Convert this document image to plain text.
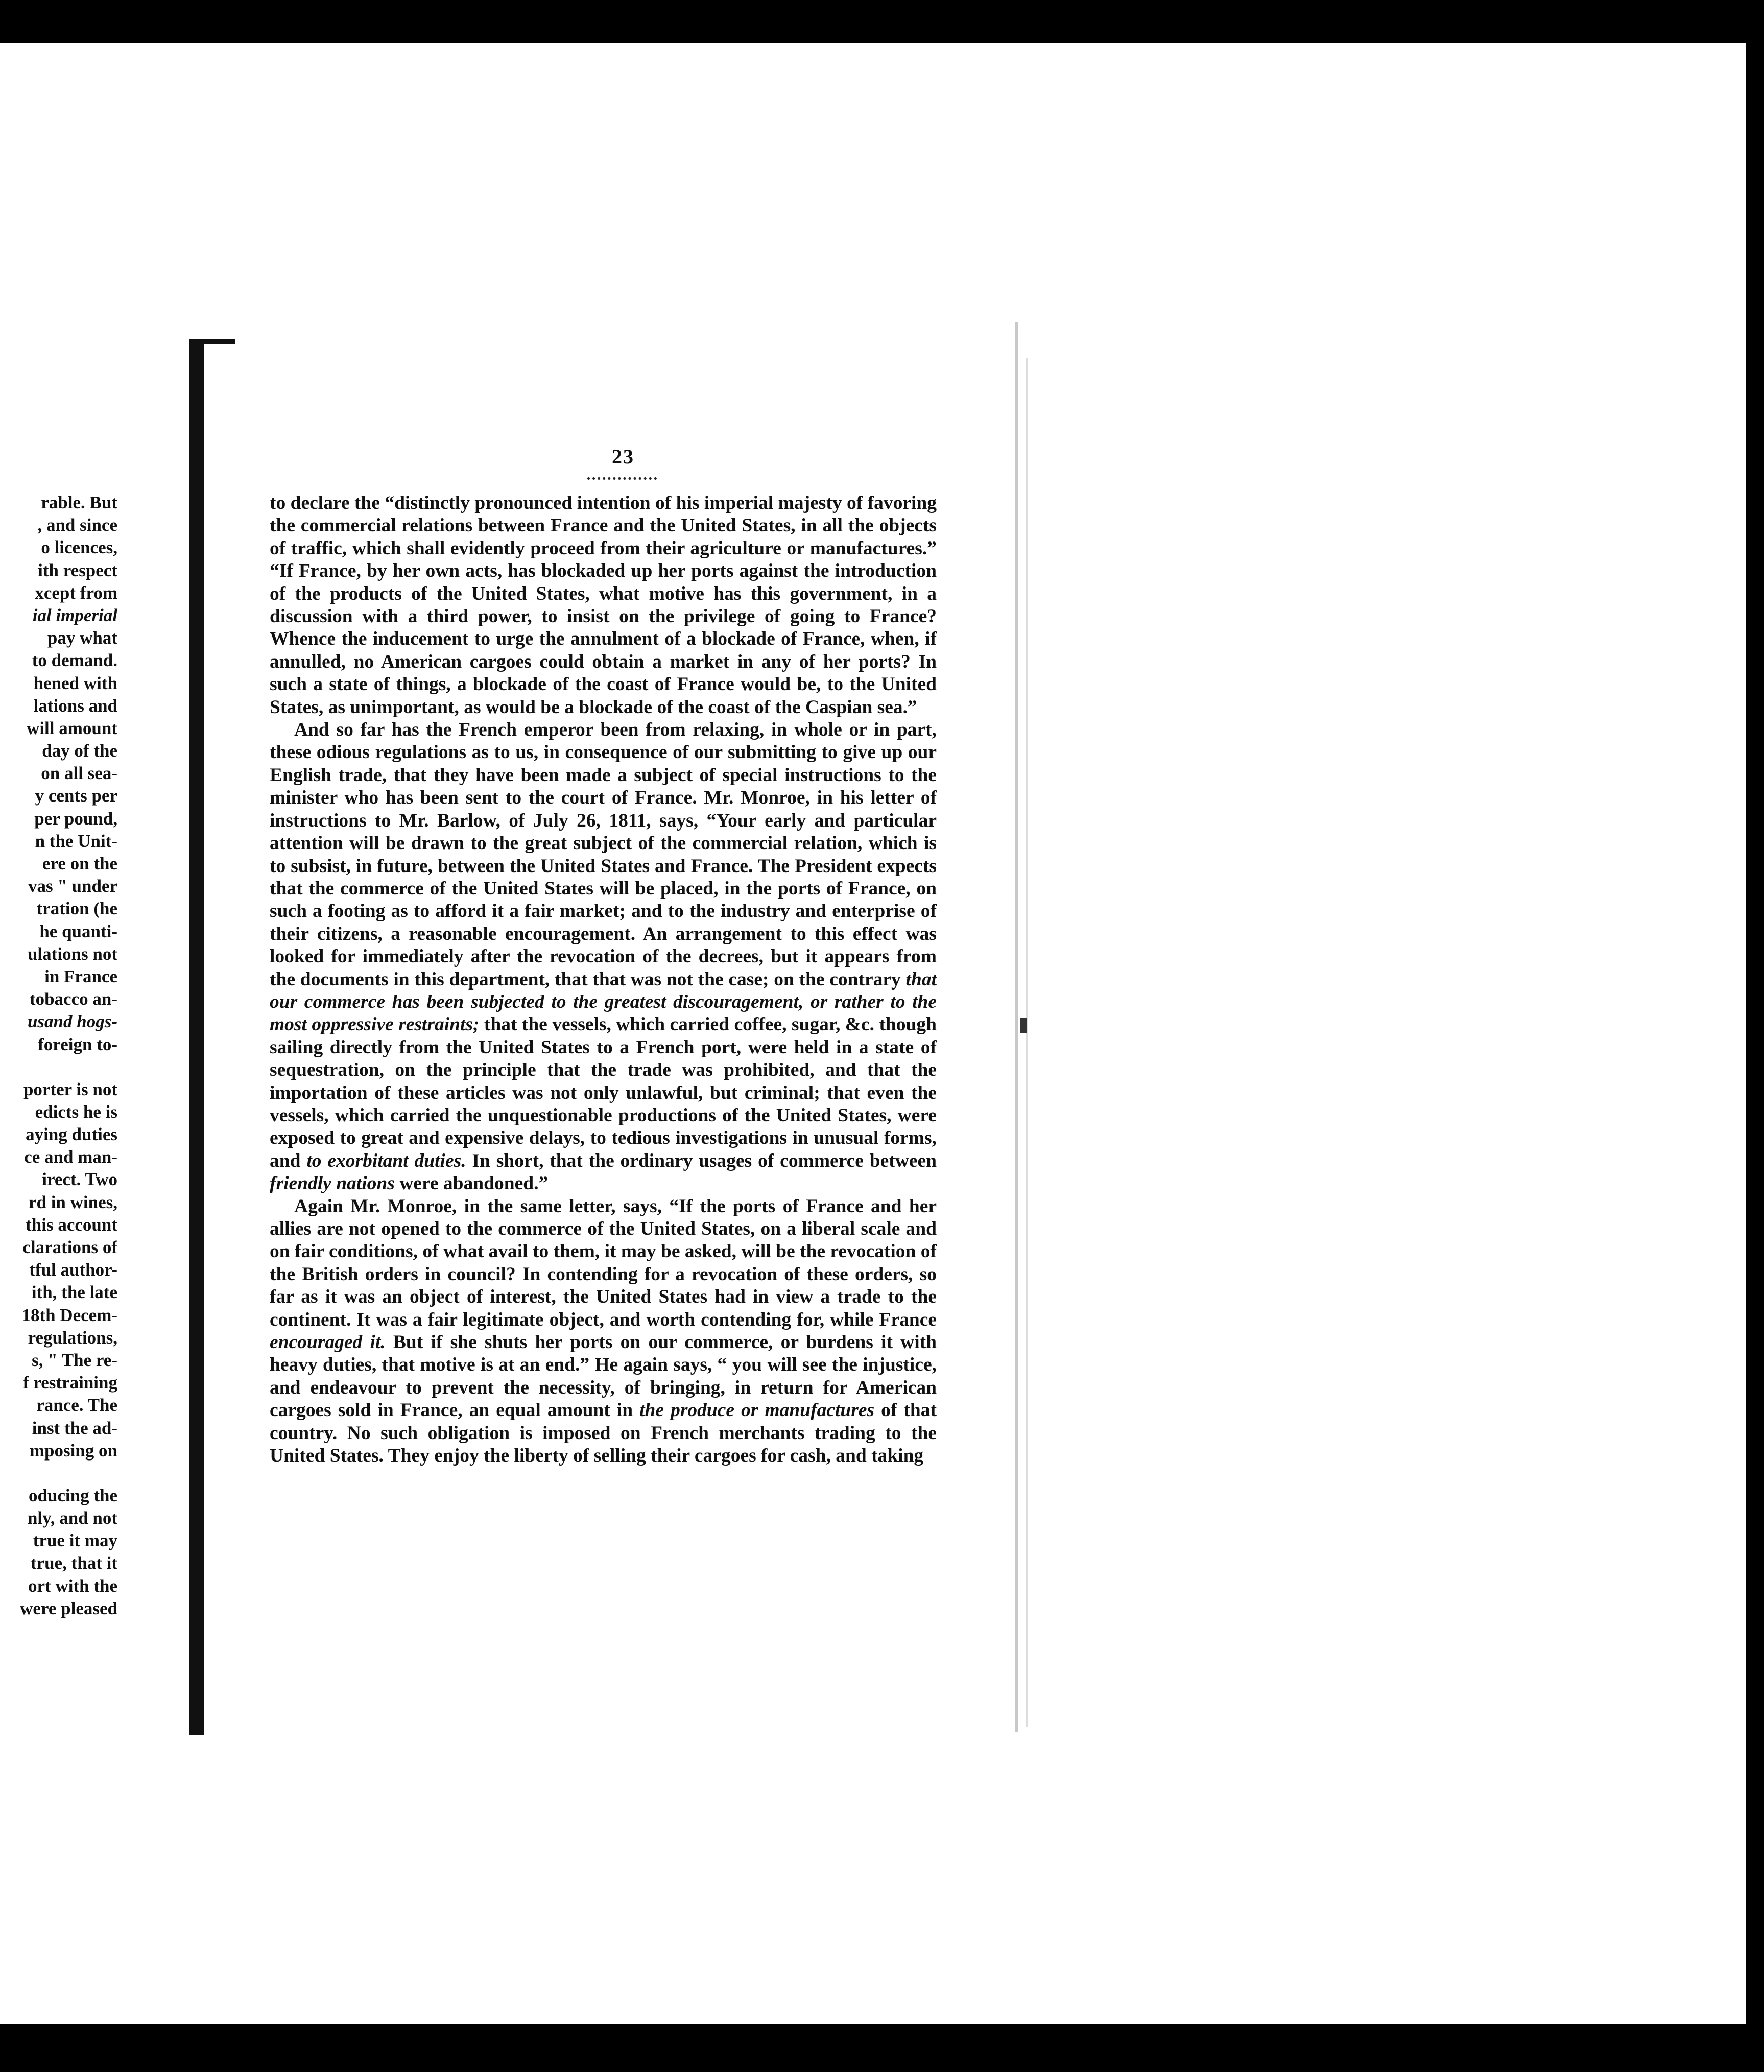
rable. But
, and since
o licences,
ith respect
xcept from
ial imperial
pay what
to demand.
hened with
lations and
will amount
day of the
on all sea-
y cents per
per pound,
n the Unit-
ere on the
vas " under
tration (he
he quanti-
ulations not
in France
tobacco an-
usand hogs-
foreign to-
porter is not
edicts he is
aying duties
ce and man-
irect. Two
rd in wines,
this account
clarations of
tful author-
ith, the late
18th Decem-
regulations,
s, " The re-
f restraining
rance. The
inst the ad-
mposing on
oducing the
nly, and not
true it may
true, that it
ort with the
were pleased
23

to declare the “distinctly pronounced intention of his imperial majesty of favoring the commercial relations between France and the United States, in all the objects of traffic, which shall evidently proceed from their agriculture or manufactures.” “If France, by her own acts, has blockaded up her ports against the introduction of the products of the United States, what motive has this government, in a discussion with a third power, to insist on the privilege of going to France? Whence the inducement to urge the annulment of a blockade of France, when, if annulled, no American cargoes could obtain a market in any of her ports? In such a state of things, a blockade of the coast of France would be, to the United States, as unimportant, as would be a blockade of the coast of the Caspian sea.”

And so far has the French emperor been from relaxing, in whole or in part, these odious regulations as to us, in consequence of our submitting to give up our English trade, that they have been made a subject of special instructions to the minister who has been sent to the court of France. Mr. Monroe, in his letter of instructions to Mr. Barlow, of July 26, 1811, says, “Your early and particular attention will be drawn to the great subject of the commercial relation, which is to subsist, in future, between the United States and France. The President expects that the commerce of the United States will be placed, in the ports of France, on such a footing as to afford it a fair market; and to the industry and enterprise of their citizens, a reasonable encouragement. An arrangement to this effect was looked for immediately after the revocation of the decrees, but it appears from the documents in this department, that that was not the case; on the contrary that our commerce has been subjected to the greatest discouragement, or rather to the most oppressive restraints; that the vessels, which carried coffee, sugar, &c. though sailing directly from the United States to a French port, were held in a state of sequestration, on the principle that the trade was prohibited, and that the importation of these articles was not only unlawful, but criminal; that even the vessels, which carried the unquestionable productions of the United States, were exposed to great and expensive delays, to tedious investigations in unusual forms, and to exorbitant duties. In short, that the ordinary usages of commerce between friendly nations were abandoned.”

Again Mr. Monroe, in the same letter, says, “If the ports of France and her allies are not opened to the commerce of the United States, on a liberal scale and on fair conditions, of what avail to them, it may be asked, will be the revocation of the British orders in council? In contending for a revocation of these orders, so far as it was an object of interest, the United States had in view a trade to the continent. It was a fair legitimate object, and worth contending for, while France encouraged it. But if she shuts her ports on our commerce, or burdens it with heavy duties, that motive is at an end.” He again says, “ you will see the injustice, and endeavour to prevent the necessity, of bringing, in return for American cargoes sold in France, an equal amount in the produce or manufactures of that country. No such obligation is imposed on French merchants trading to the United States. They enjoy the liberty of selling their cargoes for cash, and taking
